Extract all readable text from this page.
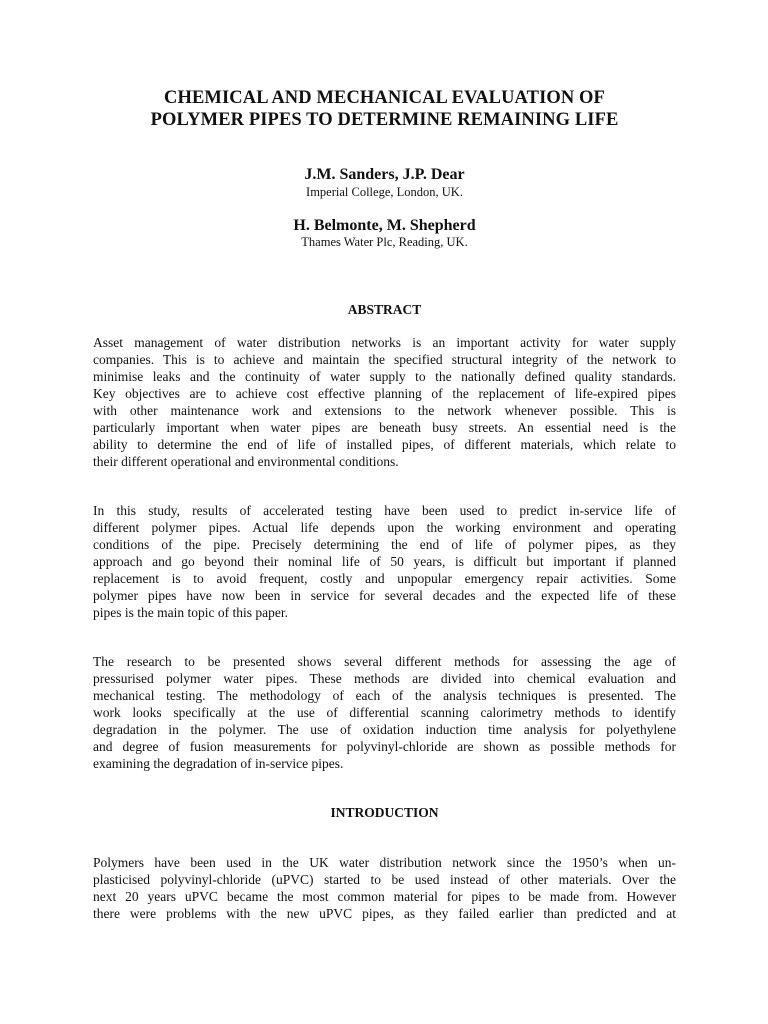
CHEMICAL AND MECHANICAL EVALUATION OF
POLYMER PIPES TO DETERMINE REMAINING LIFE
J.M. Sanders, J.P. Dear
Imperial College, London, UK.
H. Belmonte, M. Shepherd
Thames Water Plc, Reading, UK.
ABSTRACT
Asset management of water distribution networks is an important activity for water supply
companies. This is to achieve and maintain the specified structural integrity of the network to
minimise leaks and the continuity of water supply to the nationally defined quality standards.
Key objectives are to achieve cost effective planning of the replacement of life-expired pipes
with other maintenance work and extensions to the network whenever possible. This is
particularly important when water pipes are beneath busy streets. An essential need is the
ability to determine the end of life of installed pipes, of different materials, which relate to
their different operational and environmental conditions.
In this study, results of accelerated testing have been used to predict in-service life of
different polymer pipes. Actual life depends upon the working environment and operating
conditions of the pipe. Precisely determining the end of life of polymer pipes, as they
approach and go beyond their nominal life of 50 years, is difficult but important if planned
replacement is to avoid frequent, costly and unpopular emergency repair activities. Some
polymer pipes have now been in service for several decades and the expected life of these
pipes is the main topic of this paper.
The research to be presented shows several different methods for assessing the age of
pressurised polymer water pipes. These methods are divided into chemical evaluation and
mechanical testing. The methodology of each of the analysis techniques is presented. The
work looks specifically at the use of differential scanning calorimetry methods to identify
degradation in the polymer. The use of oxidation induction time analysis for polyethylene
and degree of fusion measurements for polyvinyl-chloride are shown as possible methods for
examining the degradation of in-service pipes.
INTRODUCTION
Polymers have been used in the UK water distribution network since the 1950’s when un-
plasticised polyvinyl-chloride (uPVC) started to be used instead of other materials. Over the
next 20 years uPVC became the most common material for pipes to be made from. However
there were problems with the new uPVC pipes, as they failed earlier than predicted and at
